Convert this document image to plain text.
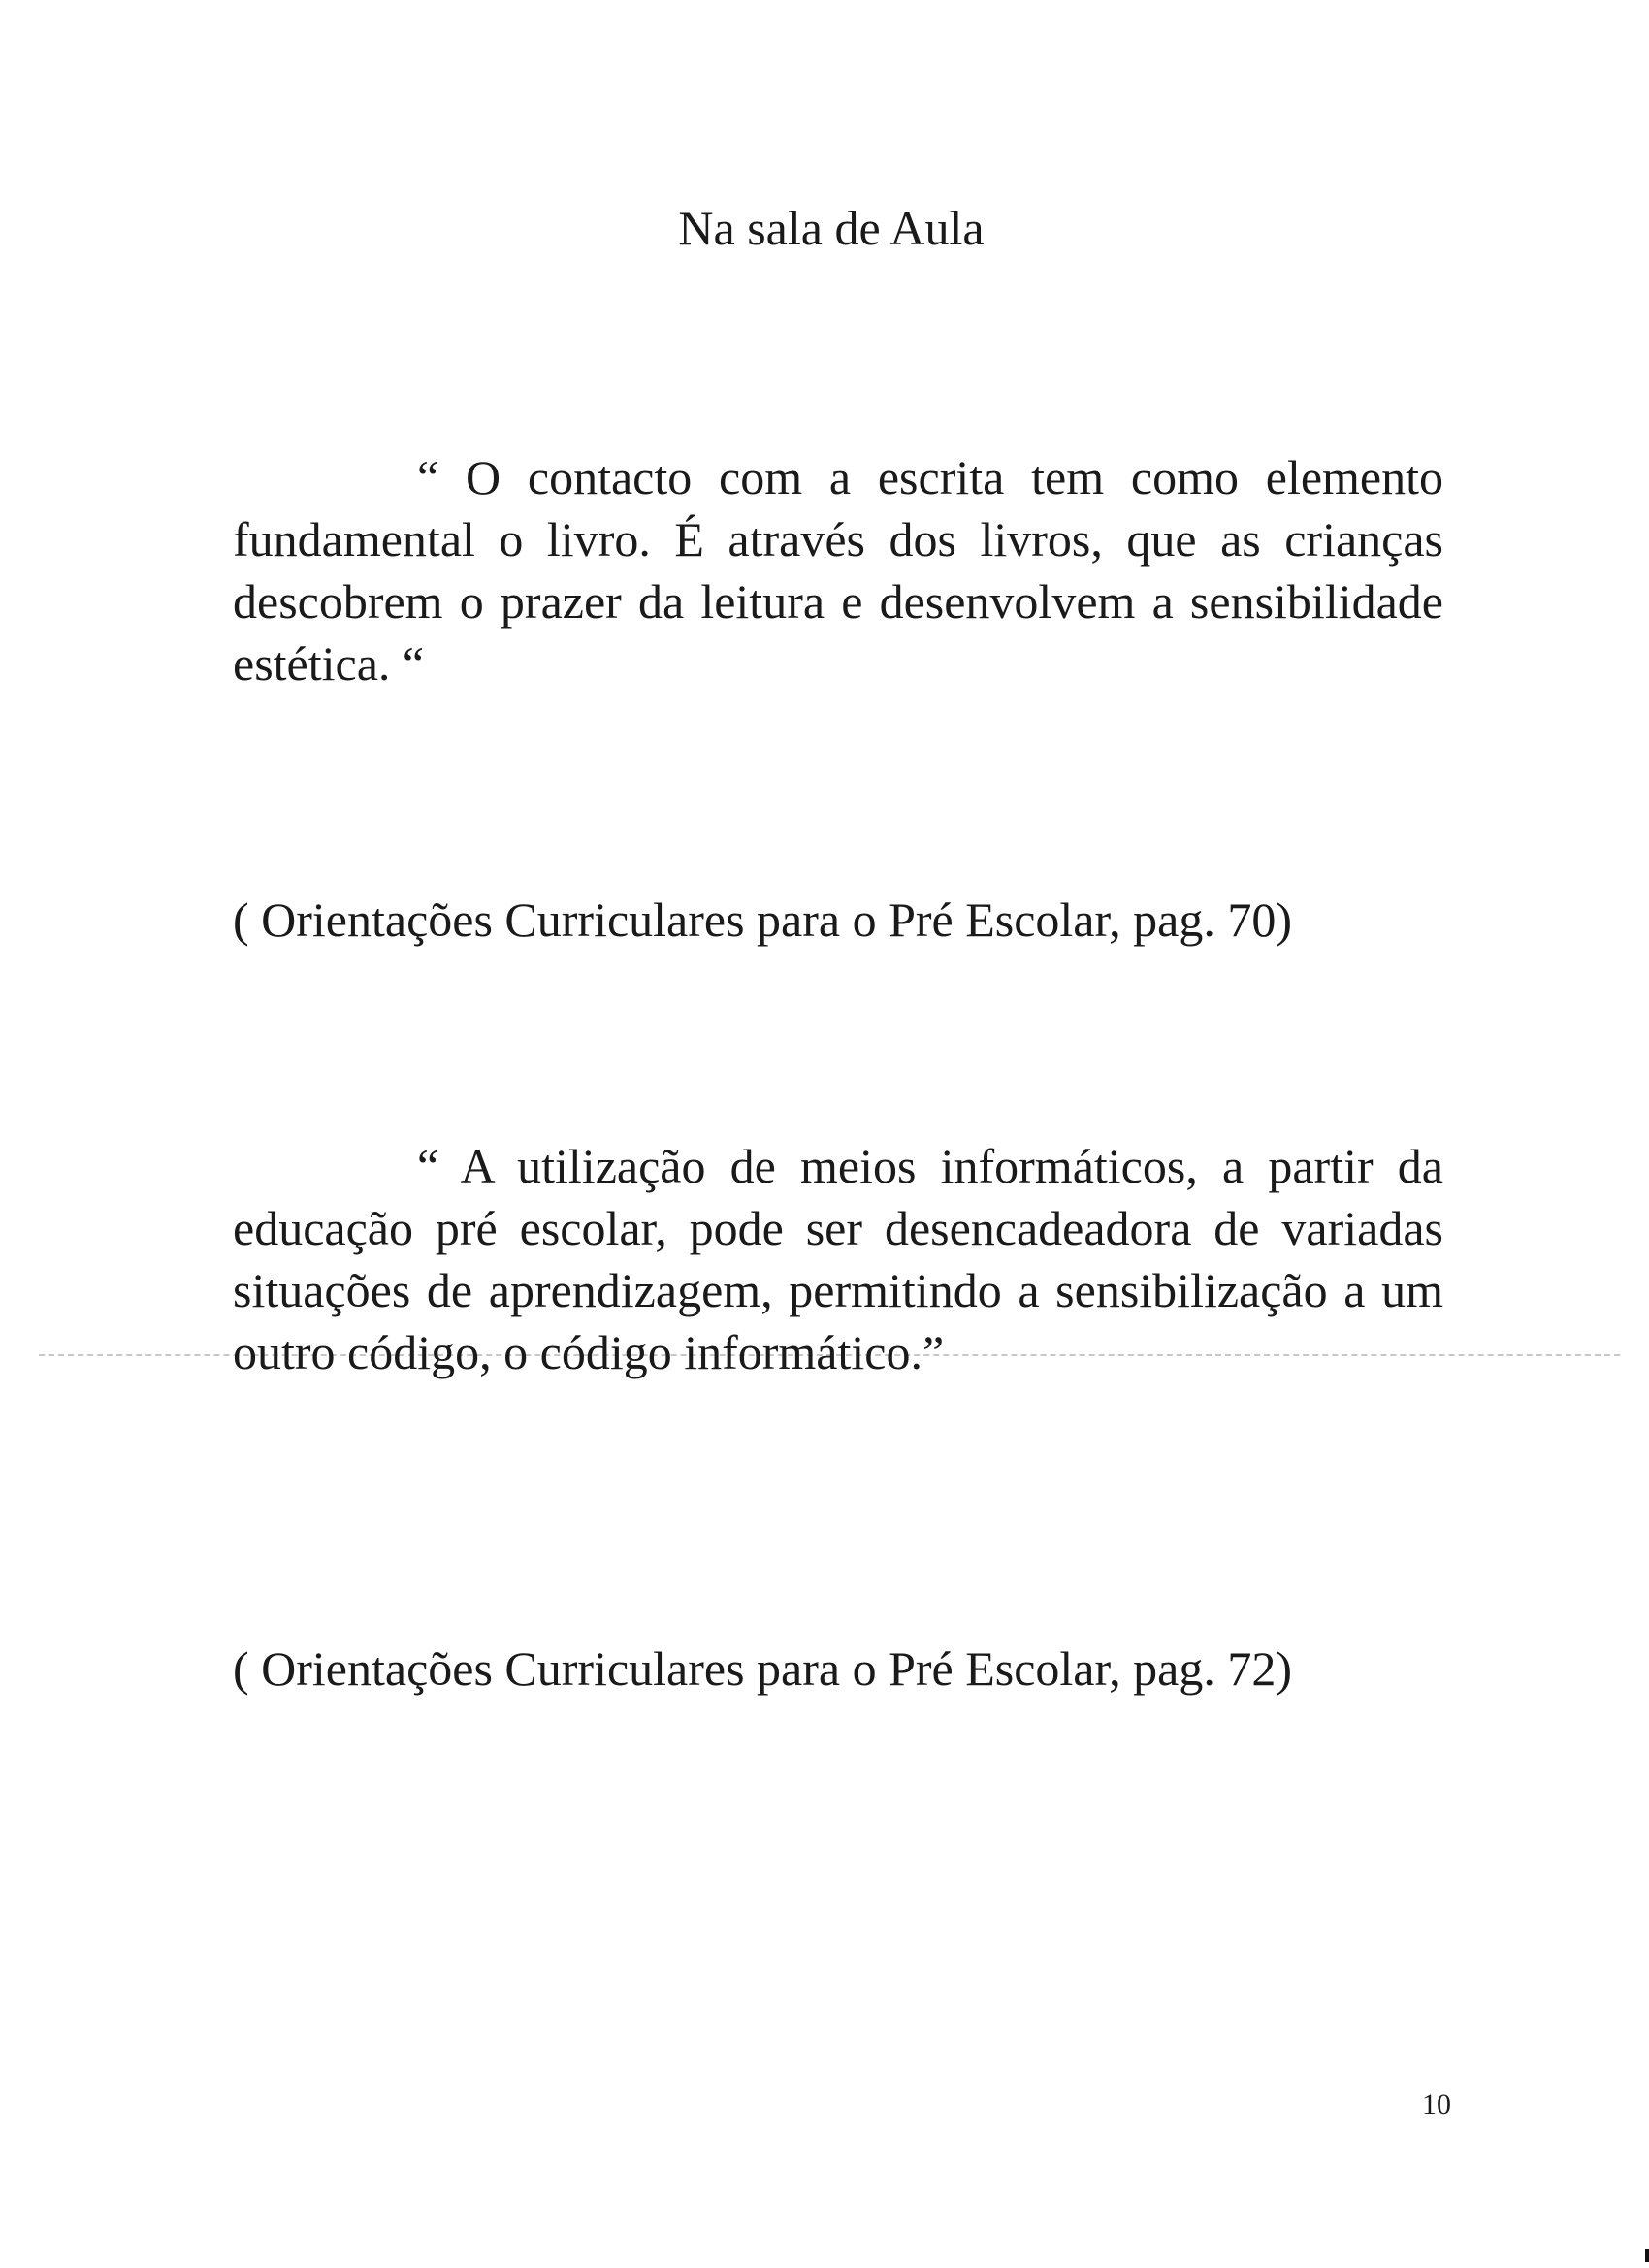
Na sala de Aula

“ O contacto com a escrita tem como elemento fundamental o livro. É através dos livros, que as crianças descobrem o prazer da leitura e desenvolvem a sensibilidade estética. “

( Orientações Curriculares para o Pré Escolar, pag. 70)

“ A utilização de meios informáticos, a partir da educação pré escolar, pode ser desencadeadora de variadas situações de aprendizagem, permitindo a sensibilização a um outro código, o código informático.”

( Orientações Curriculares para o Pré Escolar, pag. 72)

10
